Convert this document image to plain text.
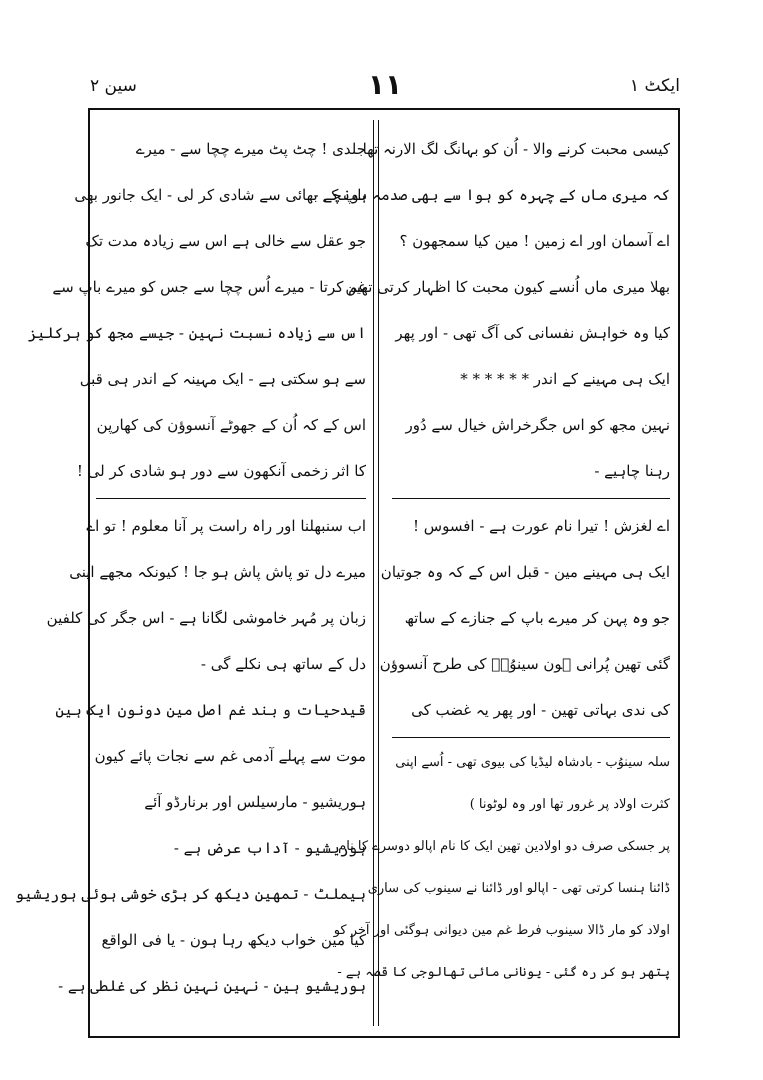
سین ٢	١١	ایکٹ ١
جلدی ! چٹ پٹ میرے چچا سے - میرے
باپ کے بھائی سے شادی کر لی - ایک جانور بھی
جو عقل سے خالی ہے اس سے زیادہ مدت تک
غم کرتا - میرے اُس چچا سے جس کو میرے باپ سے
اس سے زیادہ نسبت نہین - جیسے مجھ کو ہرکلیز
سے ہو سکتی ہے - ایک مہینہ کے اندر ہی قبل
اس کے کہ اُن کے جھوٹے آنسوؤن کی کھارپن
کا اثر زخمی آنکھون سے دور ہو شادی کر لی !
اب سنبھلنا اور راہ راست پر آنا معلوم ! تو اے
میرے دل تو پاش پاش ہو جا ! کیونکہ مجھے اپنی
زبان پر مُہر خاموشی لگانا ہے - اس جگر کی کلفین
دل کے ساتھ ہی نکلے گی -
قیدحیات و بند غم اصل مین دونون ایک ہین
موت سے پہلے آدمی غم سے نجات پائے کیون
ہوریشیو - مارسیلس اور برنارڈو آئے
ہوریشیو - آداب عرض ہے -
ہیملٹ - تمھین دیکھ کر بڑی خوشی ہوئی ہوریشیو
کیا مین خواب دیکھ رہا ہون - یا فی الواقع
ہوریشیو ہین - نہین نہین نظر کی غلطی ہے -
کیسی محبت کرنے والا - اُن کو بہانگ لگ الارنہ تھا
کہ میری ماں کے چہرہ کو ہوا سے بھی صدمہ ہونچے -
اے آسمان اور اے زمین ! مین کیا سمجھون ؟
بھلا میری ماں اُنسے کیون محبت کا اظہار کرتی تھین
کیا وہ خواہش نفسانی کی آگ تھی - اور پھر
ایک ہی مہینے کے اندر * * * * * *
نہین مجھ کو اس جگرخراش خیال سے دُور
رہنا چاہیے -
اے لغزش ! تیرا نام عورت ہے - افسوس !
ایک ہی مہینے مین - قبل اس کے کہ وہ جوتیان
جو وہ پہن کر میرے باپ کے جنازے کے ساتھ
گئی تھین پُرانی ہون سینوُبؔ کی طرح آنسوؤن
کی ندی بہاتی تھین - اور پھر یہ غضب کی
سلہ سینوُب - بادشاہ لیڈیا کی بیوی تھی - اُسے اپنی
کثرت اولاد پر غرور تھا اور وہ لوٹونا )
پر جسکی صرف دو اولادین تھین ایک کا نام اپالو دوسرے کا نام
ڈائنا ہنسا کرتی تھی - اپالو اور ڈائنا نے سینوب کی ساری
اولاد کو مار ڈالا سینوب فرط غم مین دیوانی ہوگئی اور آخر کو
پتھر ہو کر رہ گئی - یونانی مائی تھالوجی کا قصہ ہے -
